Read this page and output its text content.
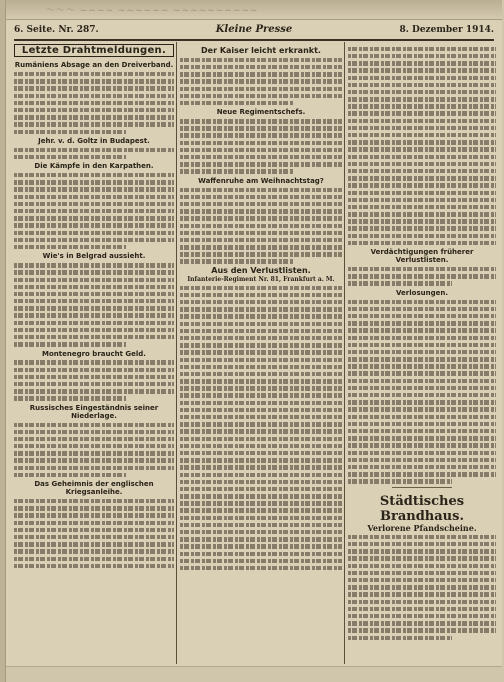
〜〜〜 ~~~~ ~~~~~~ ~~~~~~~~~~
6. Seite. Nr. 287.	Kleine Presse	8. Dezember 1914.
Letzte Drahtmeldungen.
Rumäniens Absage an den Dreiverband.
Jehr. v. d. Goltz in Budapest.
Die Kämpfe in den Karpathen.
Wie's in Belgrad aussieht.
Montenegro braucht Geld.
Russisches Eingeständnis seiner Niederlage.
Das Geheimnis der englischen Kriegsanleihe.
Der Kaiser leicht erkrankt.
Neue Regimentschefs.
Waffenruhe am Weihnachtstag?
Aus den Verlustlisten.
Infanterie-Regiment Nr. 81, Frankfurt a. M.
Verdächtigungen früherer Verlustlisten.
Verlosungen.
Städtisches Brandhaus.
Verlorene Pfandscheine.
